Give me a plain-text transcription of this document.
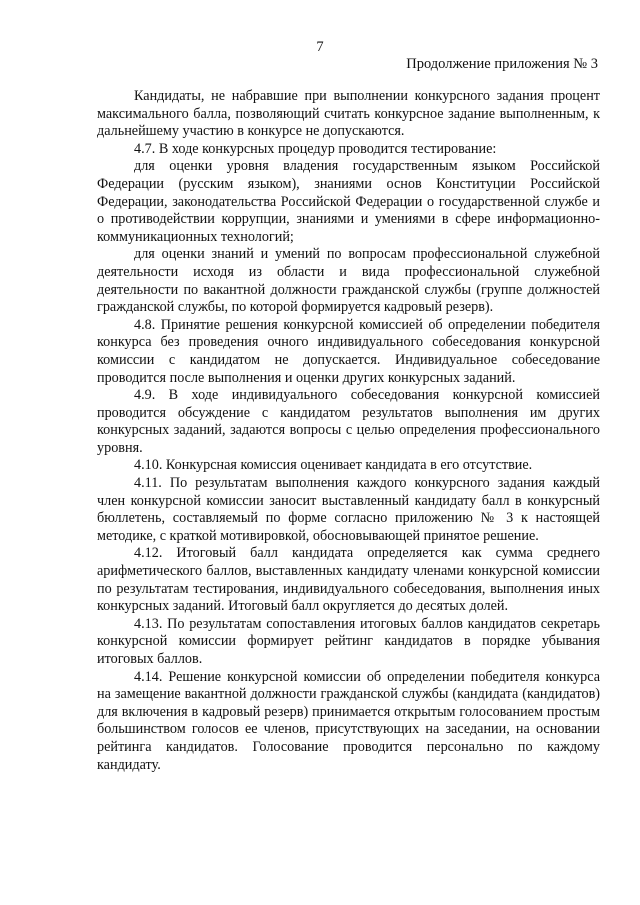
7
Продолжение приложения № 3

Кандидаты, не набравшие при выполнении конкурсного задания процент максимального балла, позволяющий считать конкурсное задание выполненным, к дальнейшему участию в конкурсе не допускаются.

4.7. В ходе конкурсных процедур проводится тестирование:

для оценки уровня владения государственным языком Российской Федерации (русским языком), знаниями основ Конституции Российской Федерации, законодательства Российской Федерации о государственной службе и о противодействии коррупции, знаниями и умениями в сфере информационно-коммуникационных технологий;

для оценки знаний и умений по вопросам профессиональной служебной деятельности исходя из области и вида профессиональной служебной деятельности по вакантной должности гражданской службы (группе должностей гражданской службы, по которой формируется кадровый резерв).

4.8. Принятие решения конкурсной комиссией об определении победителя конкурса без проведения очного индивидуального собеседования конкурсной комиссии с кандидатом не допускается. Индивидуальное собеседование проводится после выполнения и оценки других конкурсных заданий.

4.9. В ходе индивидуального собеседования конкурсной комиссией проводится обсуждение с кандидатом результатов выполнения им других конкурсных заданий, задаются вопросы с целью определения профессионального уровня.

4.10. Конкурсная комиссия оценивает кандидата в его отсутствие.

4.11. По результатам выполнения каждого конкурсного задания каждый член конкурсной комиссии заносит выставленный кандидату балл в конкурсный бюллетень, составляемый по форме согласно приложению № 3 к настоящей методике, с краткой мотивировкой, обосновывающей принятое решение.

4.12. Итоговый балл кандидата определяется как сумма среднего арифметического баллов, выставленных кандидату членами конкурсной комиссии по результатам тестирования, индивидуального собеседования, выполнения иных конкурсных заданий. Итоговый балл округляется до десятых долей.

4.13. По результатам сопоставления итоговых баллов кандидатов секретарь конкурсной комиссии формирует рейтинг кандидатов в порядке убывания итоговых баллов.

4.14. Решение конкурсной комиссии об определении победителя конкурса на замещение вакантной должности гражданской службы (кандидата (кандидатов) для включения в кадровый резерв) принимается открытым голосованием простым большинством голосов ее членов, присутствующих на заседании, на основании рейтинга кандидатов. Голосование проводится персонально по каждому кандидату.
